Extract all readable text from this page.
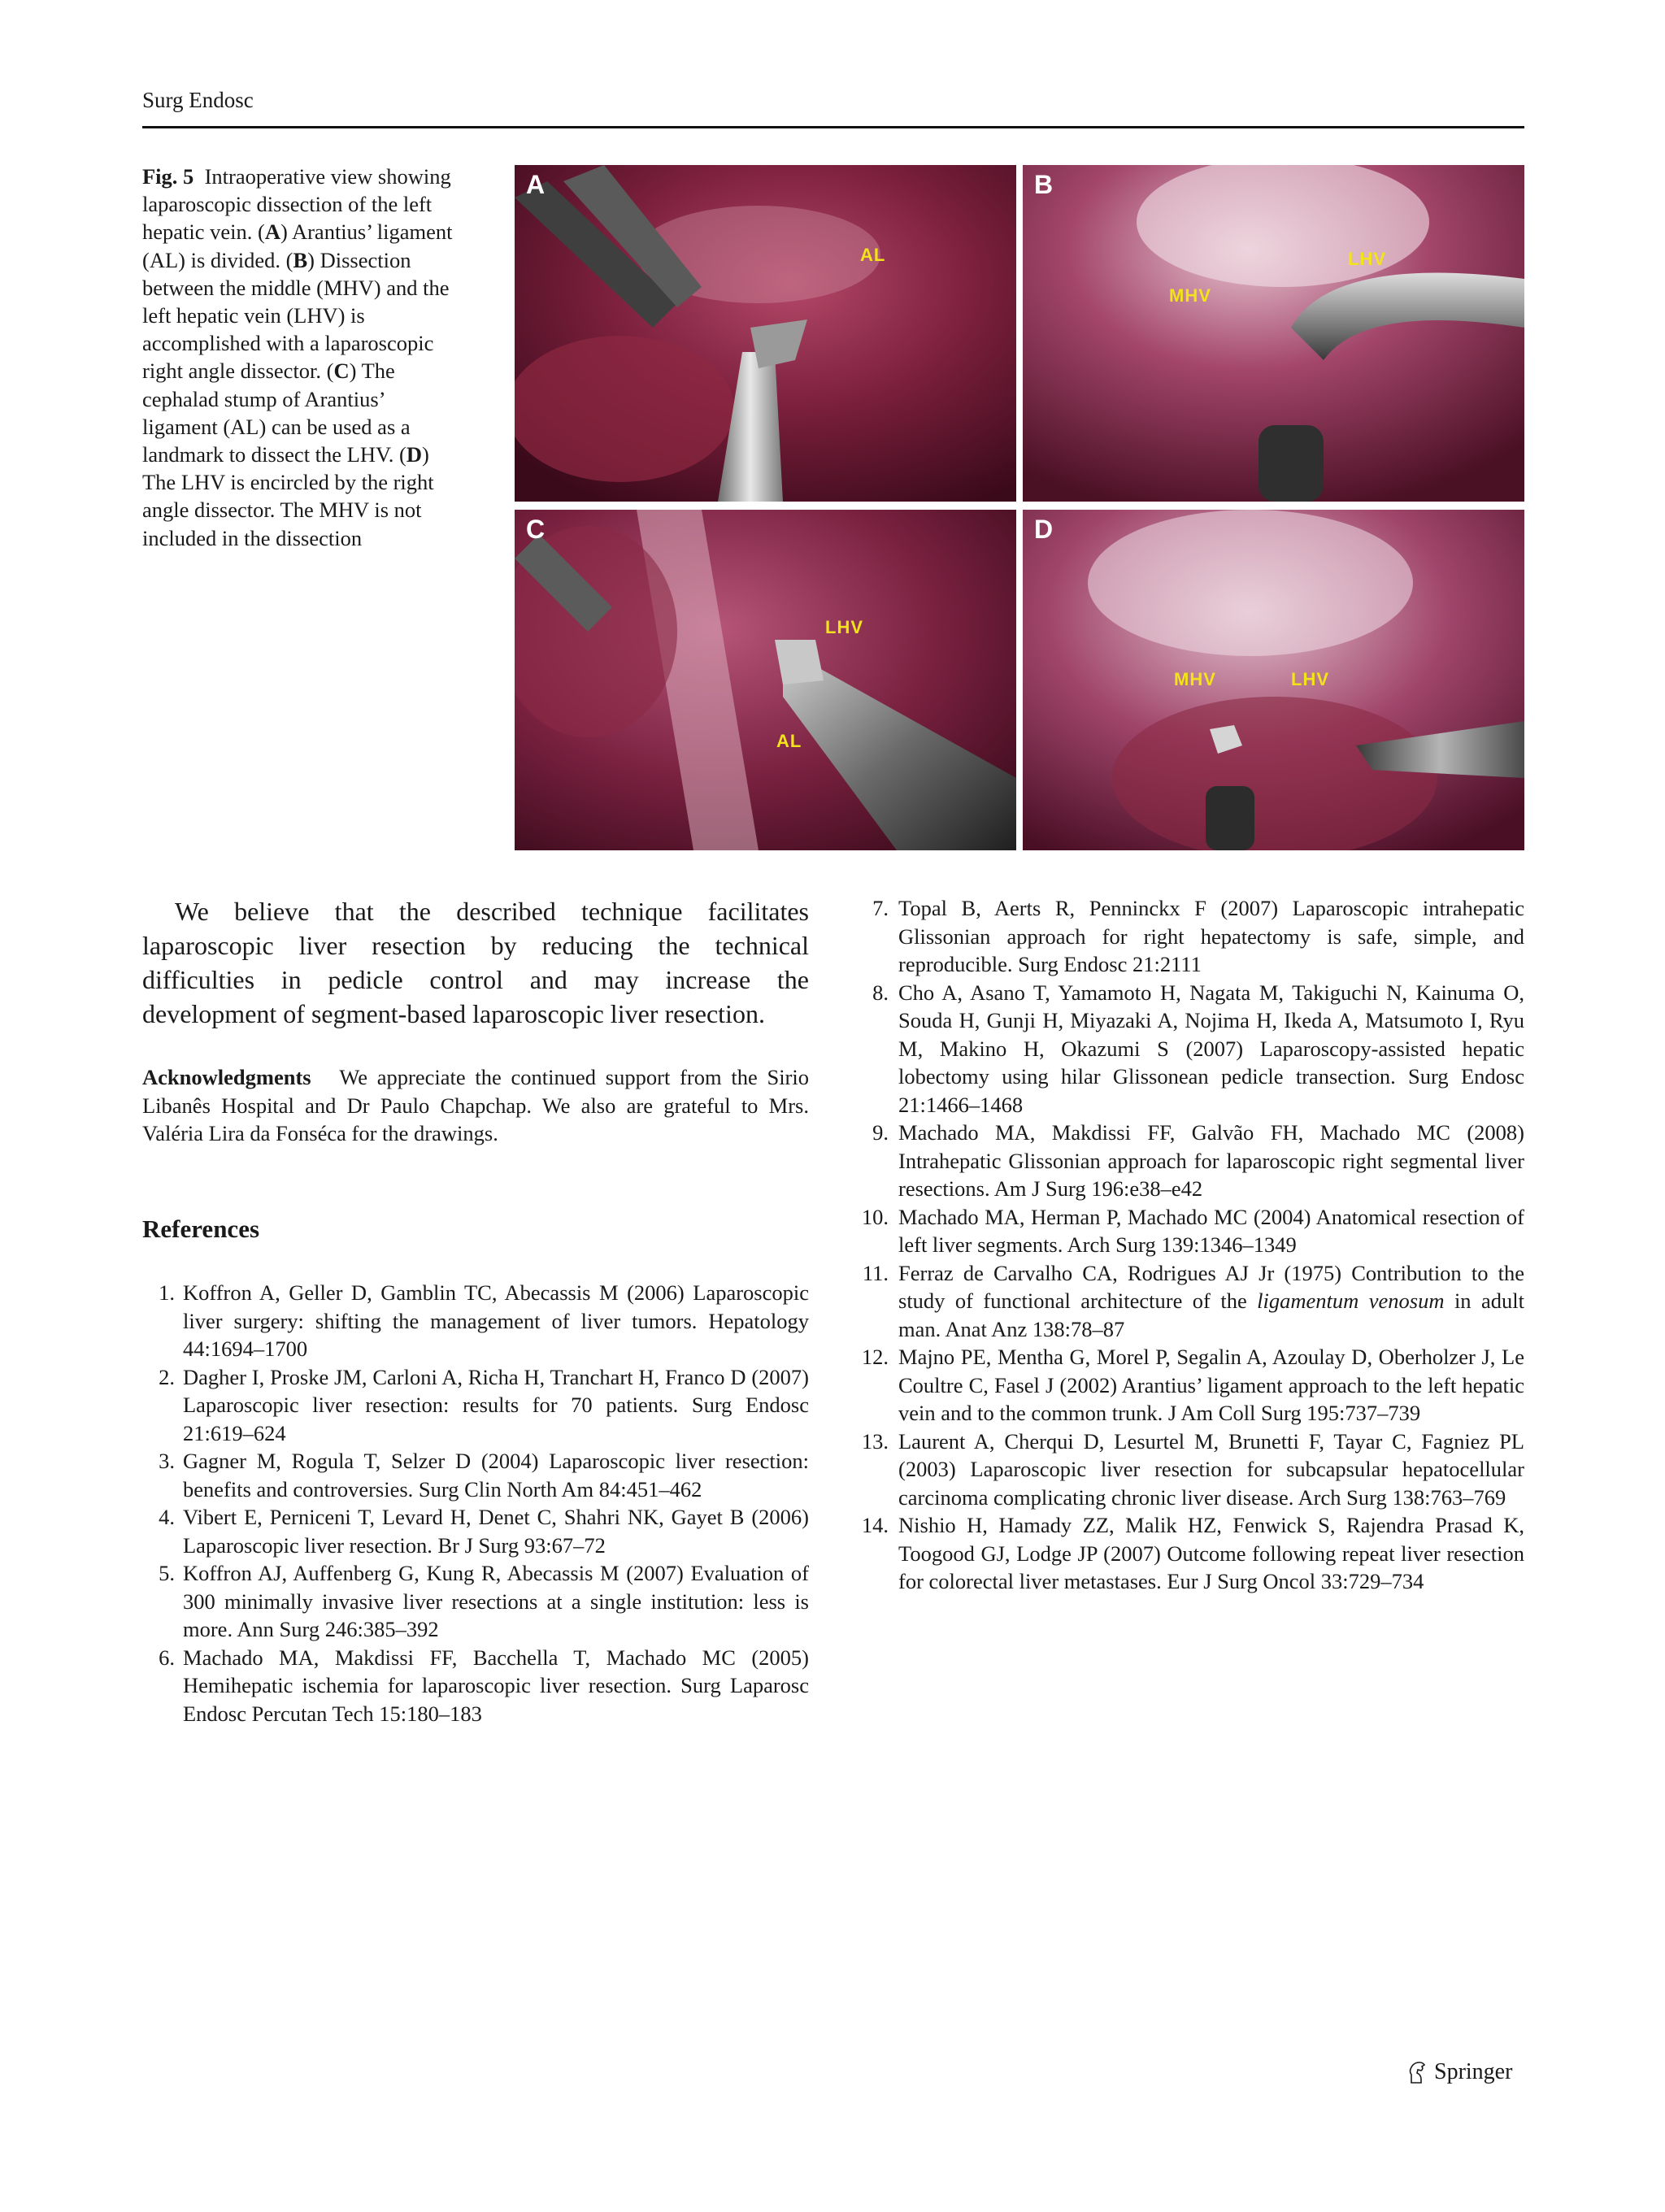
Surg Endosc
Fig. 5 Intraoperative view showing laparoscopic dissection of the left hepatic vein. (A) Arantius’ ligament (AL) is divided. (B) Dissection between the middle (MHV) and the left hepatic vein (LHV) is accomplished with a laparoscopic right angle dissector. (C) The cephalad stump of Arantius’ ligament (AL) can be used as a landmark to dissect the LHV. (D) The LHV is encircled by the right angle dissector. The MHV is not included in the dissection
A
AL
B
MHV
LHV
C
LHV
AL
D
MHV	LHV
We believe that the described technique facilitates laparoscopic liver resection by reducing the technical difficulties in pedicle control and may increase the development of segment-based laparoscopic liver resection.
Acknowledgments We appreciate the continued support from the Sirio Libanês Hospital and Dr Paulo Chapchap. We also are grateful to Mrs. Valéria Lira da Fonséca for the drawings.
References
1. Koffron A, Geller D, Gamblin TC, Abecassis M (2006) Laparoscopic liver surgery: shifting the management of liver tumors. Hepatology 44:1694–1700
2. Dagher I, Proske JM, Carloni A, Richa H, Tranchart H, Franco D (2007) Laparoscopic liver resection: results for 70 patients. Surg Endosc 21:619–624
3. Gagner M, Rogula T, Selzer D (2004) Laparoscopic liver resection: benefits and controversies. Surg Clin North Am 84:451–462
4. Vibert E, Perniceni T, Levard H, Denet C, Shahri NK, Gayet B (2006) Laparoscopic liver resection. Br J Surg 93:67–72
5. Koffron AJ, Auffenberg G, Kung R, Abecassis M (2007) Evaluation of 300 minimally invasive liver resections at a single institution: less is more. Ann Surg 246:385–392
6. Machado MA, Makdissi FF, Bacchella T, Machado MC (2005) Hemihepatic ischemia for laparoscopic liver resection. Surg Laparosc Endosc Percutan Tech 15:180–183
7. Topal B, Aerts R, Penninckx F (2007) Laparoscopic intrahepatic Glissonian approach for right hepatectomy is safe, simple, and reproducible. Surg Endosc 21:2111
8. Cho A, Asano T, Yamamoto H, Nagata M, Takiguchi N, Kainuma O, Souda H, Gunji H, Miyazaki A, Nojima H, Ikeda A, Matsumoto I, Ryu M, Makino H, Okazumi S (2007) Laparoscopy-assisted hepatic lobectomy using hilar Glissonean pedicle transection. Surg Endosc 21:1466–1468
9. Machado MA, Makdissi FF, Galvão FH, Machado MC (2008) Intrahepatic Glissonian approach for laparoscopic right segmental liver resections. Am J Surg 196:e38–e42
10. Machado MA, Herman P, Machado MC (2004) Anatomical resection of left liver segments. Arch Surg 139:1346–1349
11. Ferraz de Carvalho CA, Rodrigues AJ Jr (1975) Contribution to the study of functional architecture of the ligamentum venosum in adult man. Anat Anz 138:78–87
12. Majno PE, Mentha G, Morel P, Segalin A, Azoulay D, Oberholzer J, Le Coultre C, Fasel J (2002) Arantius’ ligament approach to the left hepatic vein and to the common trunk. J Am Coll Surg 195:737–739
13. Laurent A, Cherqui D, Lesurtel M, Brunetti F, Tayar C, Fagniez PL (2003) Laparoscopic liver resection for subcapsular hepatocellular carcinoma complicating chronic liver disease. Arch Surg 138:763–769
14. Nishio H, Hamady ZZ, Malik HZ, Fenwick S, Rajendra Prasad K, Toogood GJ, Lodge JP (2007) Outcome following repeat liver resection for colorectal liver metastases. Eur J Surg Oncol 33:729–734
Springer
